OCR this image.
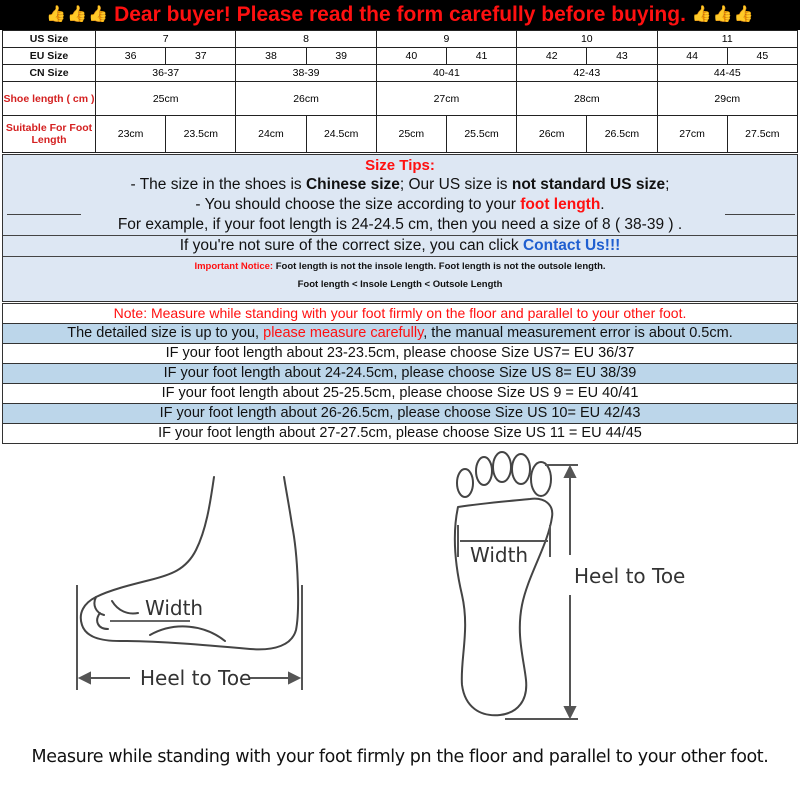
👍 👍 👍 Dear buyer! Please read the form carefully before buying. 👍 👍 👍
US Size	7		8		9		10		11	
EU Size	36	37	38	39	40	41	42	43	44	45
CN Size	36-37		38-39		40-41		42-43		44-45	
Shoe length ( cm )	25cm		26cm		27cm		28cm		29cm	
Suitable For Foot Length	23cm	23.5cm	24cm	24.5cm	25cm	25.5cm	26cm	26.5cm	27cm	27.5cm
Size Tips:
- The size in the shoes is Chinese size; Our US size is not standard US size;
- You should choose the size according to your foot length.
For example, if your foot length is 24-24.5 cm, then you need a size of 8 ( 38-39 ) .
If you're not sure of the correct size, you can click Contact Us!!!
Important Notice: Foot length is not the insole length. Foot length is not the outsole length.
Foot length < Insole Length < Outsole Length
Note: Measure while standing with your foot firmly on the floor and parallel to your other foot.
The detailed size is up to you, please measure carefully, the manual measurement error is about 0.5cm.
IF your foot length about 23-23.5cm, please choose Size US7= EU 36/37
IF your foot length about 24-24.5cm, please choose Size US 8= EU 38/39
IF your foot length about 25-25.5cm, please choose Size US 9 = EU 40/41
IF your foot length about 26-26.5cm, please choose Size US 10= EU 42/43
IF your foot length about 27-27.5cm, please choose Size US 11 = EU 44/45
Width
Heel to Toe
Width
Heel to Toe
Measure while standing with your foot firmly pn the floor and parallel to your other foot.
